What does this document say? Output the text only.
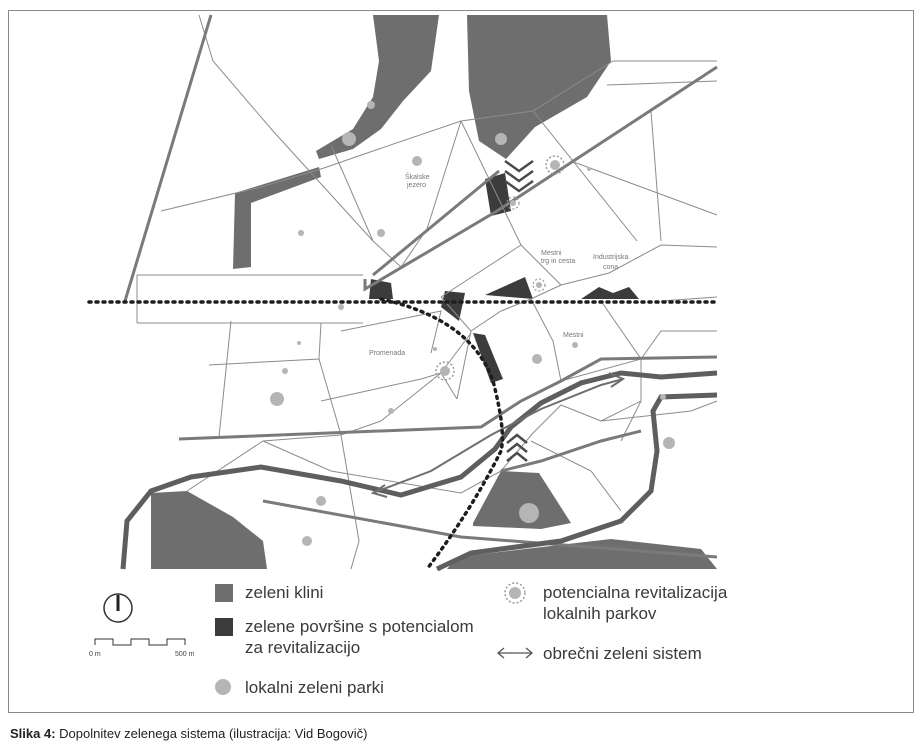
Škalske
jezero
Mestni
trg in cesta
Industrijska
cona
Mestni
Promenada
0 m	500 m
zeleni klini
zelene površine s potencialom
za revitalizacijo
lokalni zeleni parki
potencialna revitalizacija
lokalnih parkov
obrečni zeleni sistem
Slika 4: Dopolnitev zelenega sistema (ilustracija: Vid Bogovič)
